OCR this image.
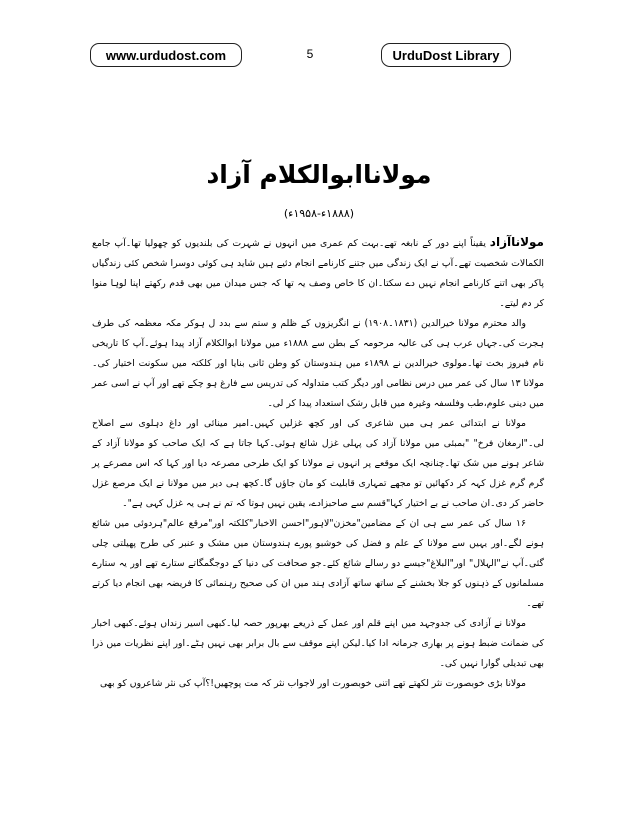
www.urdudost.com	5	UrduDost Library
مولاناابوالکلام آزاد
(۱۸۸۸ء-۱۹۵۸ء)

مولاناآزاد یقیناً اپنے دور کے نابغہ تھے۔بہت کم عمری میں انہوں نے شہرت کی بلندیوں کو چھولیا تھا۔آپ جامع الکمالات شخصیت تھے۔آپ نے ایک زندگی میں جتنے کارنامے انجام دئیے ہیں شاید ہی کوئی دوسرا شخص کئی زندگیاں پاکر بھی اتنے کارنامے انجام نہیں دے سکتا۔ان کا خاص وصف یہ تھا کہ جس میدان میں بھی قدم رکھتے اپنا لوہا منوا کر دم لیتے۔

والد محترم مولانا خیرالدین (۱۸۳۱۔۱۹۰۸) نے انگریزوں کے ظلم و ستم سے بدد ل ہوکر مکہ معظمہ کی طرف ہجرت کی۔جہاں عرب ہی کی عالیہ مرحومہ کے بطن سے ۱۸۸۸ء میں مولانا ابوالکلام آزاد پیدا ہوئے۔آپ کا تاریخی نام فیروز بخت تھا۔مولوی خیرالدین نے ۱۸۹۸ء میں ہندوستان کو وطن ثانی بنایا اور کلکتہ میں سکونت اختیار کی۔مولانا ۱۳ سال کی عمر میں درس نظامی اور دیگر کتب متداولہ کی تدریس سے فارغ ہو چکے تھے اور آپ نے اسی عمر میں دینی علوم،طب وفلسفہ وغیرہ میں قابل رشک استعداد پیدا کر لی۔

مولانا نے ابتدائی عمر ہی میں شاعری کی اور کچھ غزلیں کہیں۔امیر مینائی اور داغ دہلوی سے اصلاح لی۔"ارمغان فرخ" "بمبئی میں مولانا آزاد کی پہلی غزل شائع ہوئی۔کہا جاتا ہے کہ ایک صاحب کو مولانا آزاد کے شاعر ہونے میں شک تھا۔چنانچہ ایک موقعے پر انہوں نے مولانا کو ایک طرحی مصرعہ دیا اور کہا کہ اس مصرعے پر گرم گرم غزل کہہ کر دکھائیں تو مجھے تمہاری قابلیت کو مان جاؤں گا۔کچھ ہی دیر میں مولانا نے ایک مرصع غزل حاضر کر دی۔ان صاحب نے بے اختیار کہا"قسم سے صاحبزادے، یقین نہیں ہوتا کہ تم نے ہی یہ غزل کہی ہے"۔

۱۶ سال کی عمر سے ہی ان کے مضامین"مخزن"لاہور"احسن الاخبار"کلکتہ اور"مرقع عالم"ہردوئی میں شائع ہونے لگے۔اور یہیں سے مولانا کے علم و فضل کی خوشبو پورے ہندوستان میں مشک و عنبر کی طرح پھیلتی چلی گئی۔آپ نے"الہلال" اور"البلاغ"جیسے دو رسالے شائع کئے۔جو صحافت کی دنیا کے دوجگمگاتے ستارے تھے اور یہ ستارے مسلمانوں کے ذہنوں کو جلا بخشنے کے ساتھ ساتھ آزادی ہند میں ان کی صحیح رہنمائی کا فریضہ بھی انجام دیا کرتے تھے۔

مولانا نے آزادی کی جدوجہد میں اپنے قلم اور عمل کے ذریعے بھرپور حصہ لیا۔کبھی اسیر زنداں ہوئے۔کبھی اخبار کی ضمانت ضبط ہونے پر بھاری جرمانہ ادا کیا۔لیکن اپنے موقف سے بال برابر بھی نہیں ہٹے۔اور اپنے نظریات میں ذرا بھی تبدیلی گوارا نہیں کی۔

مولانا بڑی خوبصورت نثر لکھتے تھے اتنی خوبصورت اور لاجواب نثر کہ مت پوچھیں!؟آپ کی نثر شاعروں کو بھی
